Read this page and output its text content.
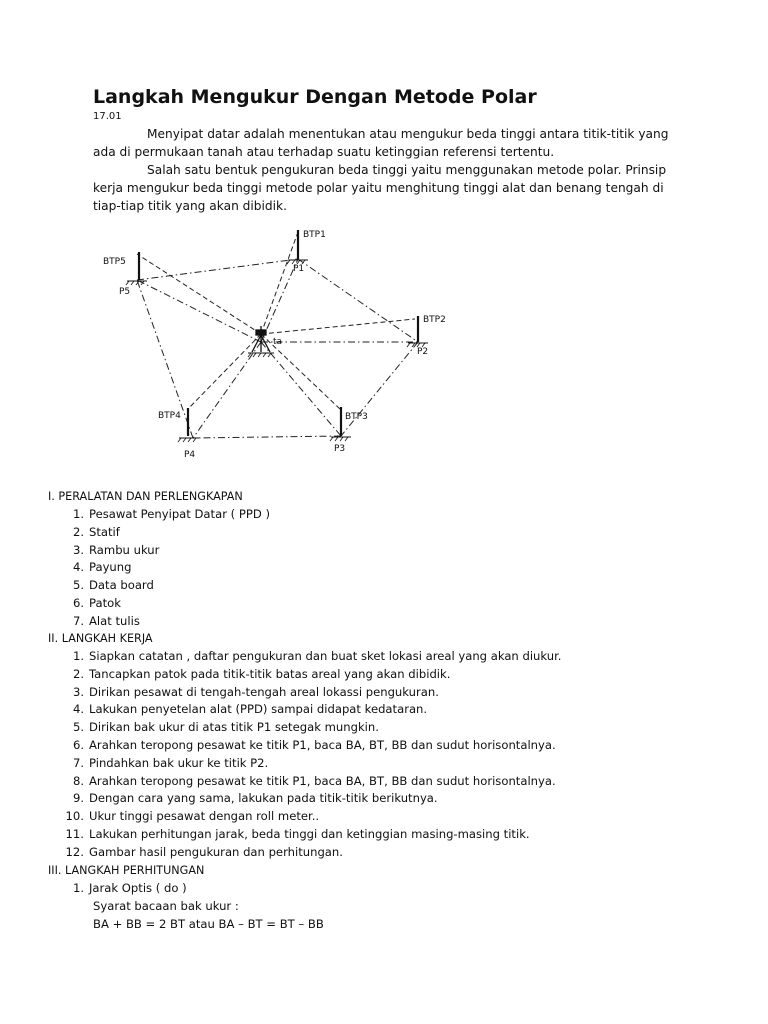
Langkah Mengukur Dengan Metode Polar
17.01
Menyipat datar adalah menentukan atau mengukur beda tinggi antara titik-titik yang ada di permukaan tanah atau terhadap suatu ketinggian referensi tertentu.
Salah satu bentuk pengukuran beda tinggi yaitu menggunakan metode polar. Prinsip kerja mengukur beda tinggi metode polar yaitu menghitung tinggi alat dan benang tengah di tiap-tiap titik yang akan dibidik.
BTP1
P1
BTP2
P2
BTP3
P3
BTP4
P4
BTP5
P5
ta
I. PERALATAN DAN PERLENGKAPAN
1. Pesawat Penyipat Datar ( PPD )
2. Statif
3. Rambu ukur
4. Payung
5. Data board
6. Patok
7. Alat tulis
II. LANGKAH KERJA
1. Siapkan catatan , daftar pengukuran dan buat sket lokasi areal yang akan diukur.
2. Tancapkan patok pada titik-titik batas areal yang akan dibidik.
3. Dirikan pesawat di tengah-tengah areal lokassi pengukuran.
4. Lakukan penyetelan alat (PPD) sampai didapat kedataran.
5. Dirikan bak ukur di atas titik P1 setegak mungkin.
6. Arahkan teropong pesawat ke titik P1, baca BA, BT, BB dan sudut horisontalnya.
7. Pindahkan bak ukur ke titik P2.
8. Arahkan teropong pesawat ke titik P1, baca BA, BT, BB dan sudut horisontalnya.
9. Dengan cara yang sama, lakukan pada titik-titik berikutnya.
10. Ukur tinggi pesawat dengan roll meter..
11. Lakukan perhitungan jarak, beda tinggi dan ketinggian masing-masing titik.
12. Gambar hasil pengukuran dan perhitungan.
III. LANGKAH PERHITUNGAN
1. Jarak Optis ( do )
Syarat bacaan bak ukur :
BA + BB = 2 BT atau BA – BT = BT – BB
